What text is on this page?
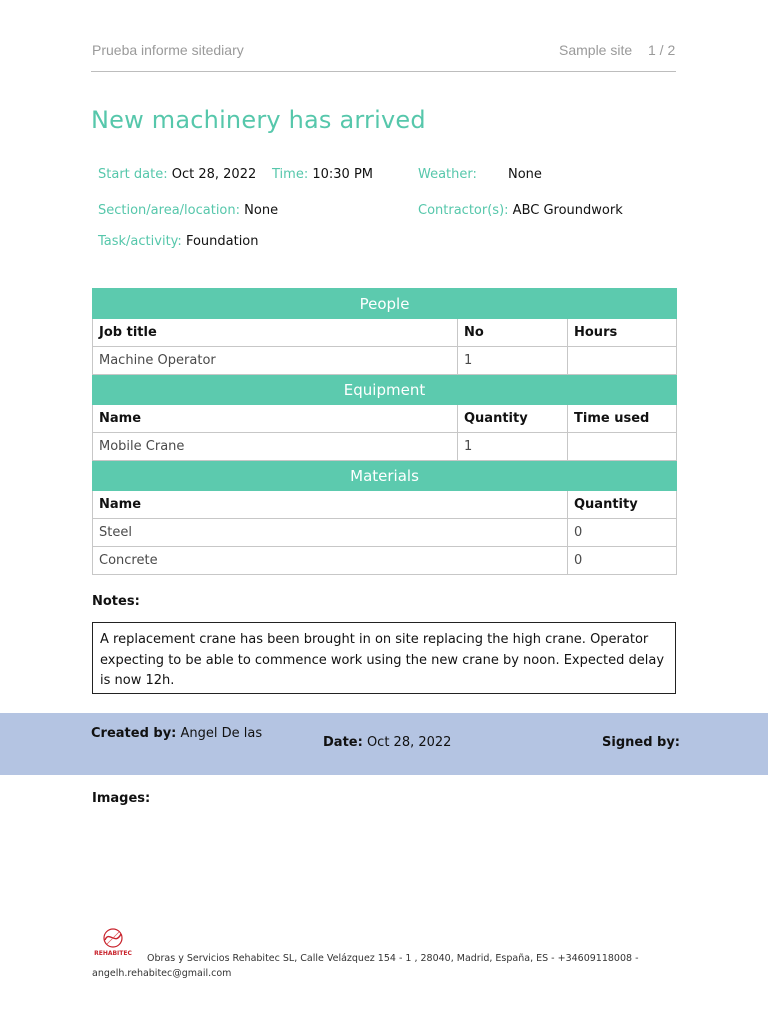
Prueba informe sitediary	Sample site 1 / 2
New machinery has arrived
Start date: Oct 28, 2022 Time: 10:30 PM	Weather: None
Section/area/location: None	Contractor(s): ABC Groundwork
Task/activity: Foundation
People		
Job title	No	Hours
Machine Operator	1	
Equipment		
Name	Quantity	Time used
Mobile Crane	1	
Materials		
Name		Quantity
Steel		0
Concrete		0
Notes:
A replacement crane has been brought in on site replacing the high crane. Operator expecting to be able to commence work using the new crane by noon. Expected delay is now 12h.
Created by: Angel De las
Date: Oct 28, 2022	Signed by:
Images:
REHABITEC Obras y Servicios Rehabitec SL, Calle Velázquez 154 - 1 , 28040, Madrid, España, ES - +34609118008 -
angelh.rehabitec@gmail.com
